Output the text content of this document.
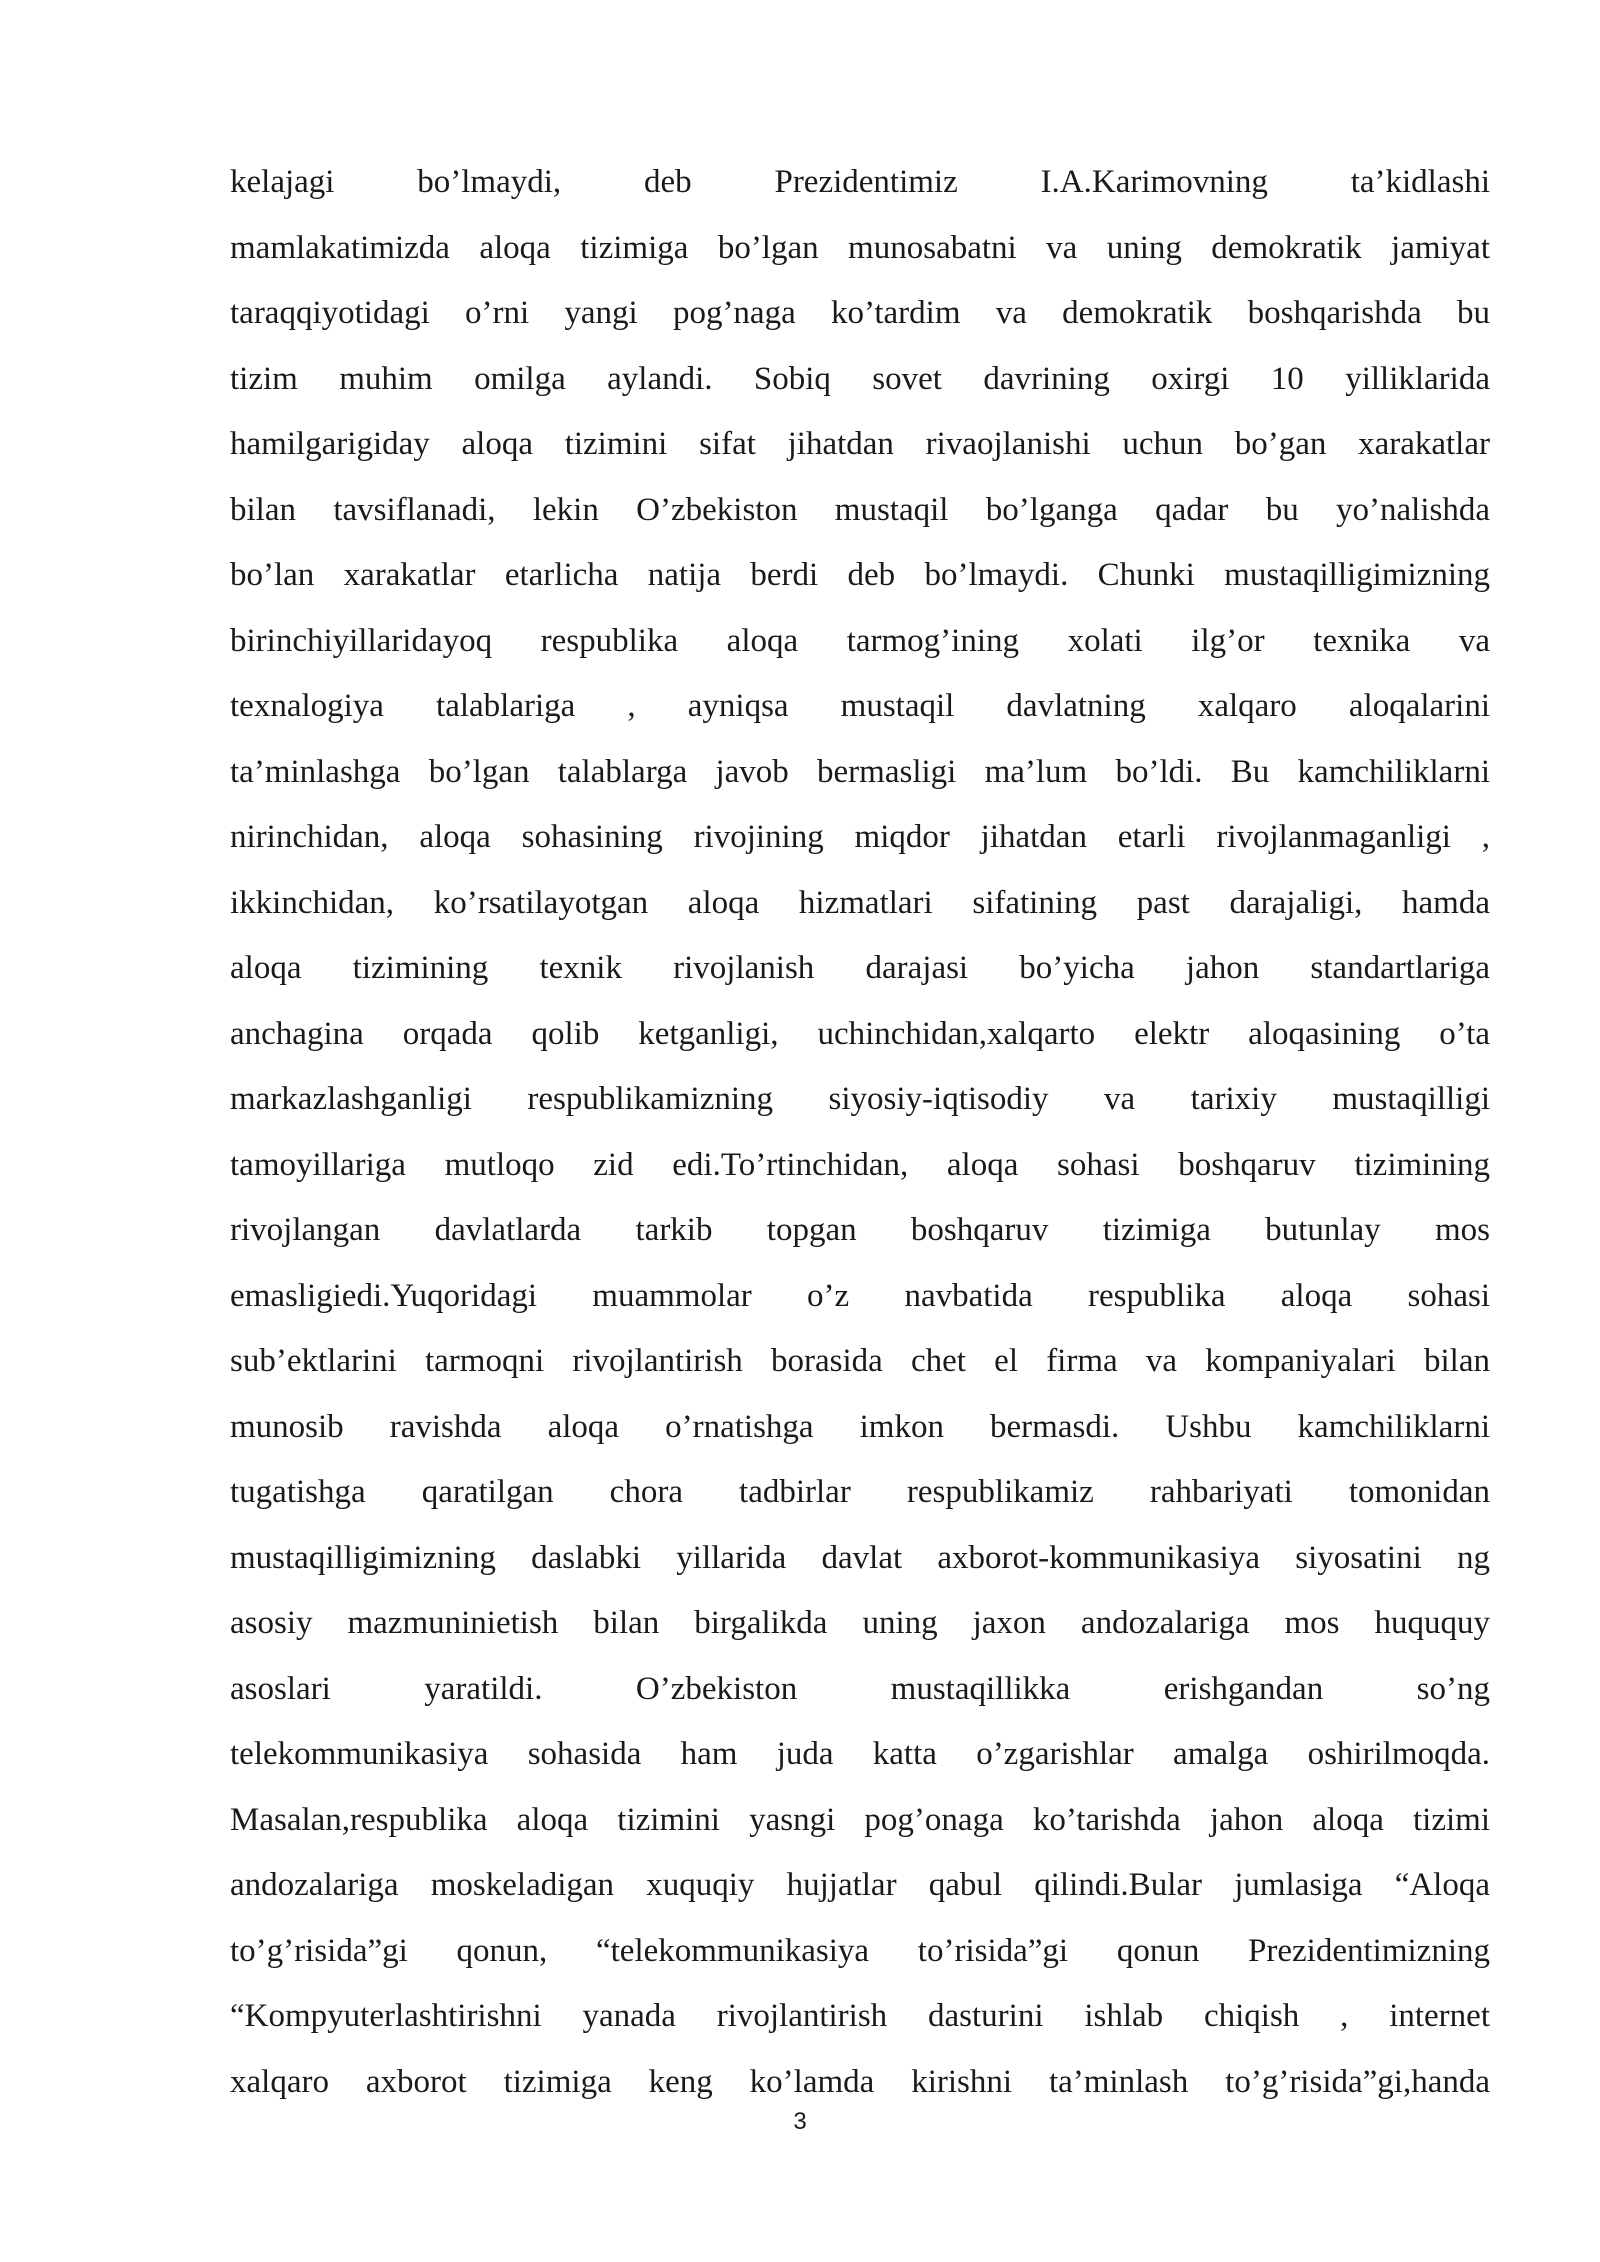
kelajagi bo’lmaydi, deb Prezidentimiz I.A.Karimovning ta’kidlashi
mamlakatimizda aloqa tizimiga bo’lgan munosabatni va uning demokratik jamiyat
taraqqiyotidagi o’rni yangi pog’naga ko’tardim va demokratik boshqarishda bu
tizim muhim omilga aylandi. Sobiq sovet davrining oxirgi 10 yilliklarida
hamilgarigiday aloqa tizimini sifat jihatdan rivaojlanishi uchun bo’gan xarakatlar
bilan tavsiflanadi, lekin O’zbekiston mustaqil bo’lganga qadar bu yo’nalishda
bo’lan xarakatlar etarlicha natija berdi deb bo’lmaydi. Chunki mustaqilligimizning
birinchiyillaridayoq respublika aloqa tarmog’ining xolati ilg’or texnika va
texnalogiya talablariga , ayniqsa mustaqil davlatning xalqaro aloqalarini
ta’minlashga bo’lgan talablarga javob bermasligi ma’lum bo’ldi. Bu kamchiliklarni
nirinchidan, aloqa sohasining rivojining miqdor jihatdan etarli rivojlanmaganligi ,
ikkinchidan, ko’rsatilayotgan aloqa hizmatlari sifatining past darajaligi, hamda
aloqa tizimining texnik rivojlanish darajasi bo’yicha jahon standartlariga
anchagina orqada qolib ketganligi, uchinchidan,xalqarto elektr aloqasining o’ta
markazlashganligi respublikamizning siyosiy-iqtisodiy va tarixiy mustaqilligi
tamoyillariga mutloqo zid edi.To’rtinchidan, aloqa sohasi boshqaruv tizimining
rivojlangan davlatlarda tarkib topgan boshqaruv tizimiga butunlay mos
emasligiedi.Yuqoridagi muammolar o’z navbatida respublika aloqa sohasi
sub’ektlarini tarmoqni rivojlantirish borasida chet el firma va kompaniyalari bilan
munosib ravishda aloqa o’rnatishga imkon bermasdi. Ushbu kamchiliklarni
tugatishga qaratilgan chora tadbirlar respublikamiz rahbariyati tomonidan
mustaqilligimizning daslabki yillarida davlat axborot-kommunikasiya siyosatini ng
asosiy mazmuninietish bilan birgalikda uning jaxon andozalariga mos huququy
asoslari yaratildi. O’zbekiston mustaqillikka erishgandan so’ng
telekommunikasiya sohasida ham juda katta o’zgarishlar amalga oshirilmoqda.
Masalan,respublika aloqa tizimini yasngi pog’onaga ko’tarishda jahon aloqa tizimi
andozalariga moskeladigan xuquqiy hujjatlar qabul qilindi.Bular jumlasiga “Aloqa
to’g’risida”gi qonun, “telekommunikasiya to’risida”gi qonun Prezidentimizning
“Kompyuterlashtirishni yanada rivojlantirish dasturini ishlab chiqish , internet
xalqaro axborot tizimiga keng ko’lamda kirishni ta’minlash to’g’risida”gi,handa
3
